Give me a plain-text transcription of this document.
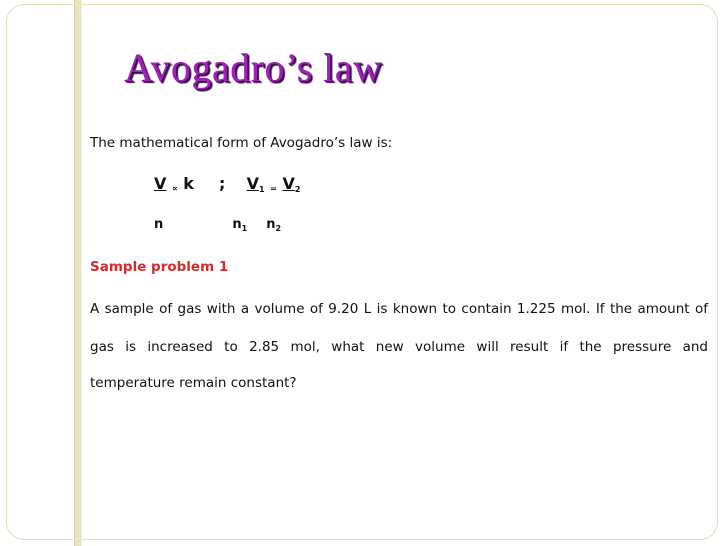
Avogadro’s law

The mathematical form of Avogadro’s law is:

V ∝ k ; $V_1 = V_2$
n	$n_1$ $n_2$

Sample problem 1

A sample of gas with a volume of 9.20 L is known to contain 1.225 mol. If the amount of

gas is increased to 2.85 mol, what new volume will result if the pressure and

temperature remain constant?
